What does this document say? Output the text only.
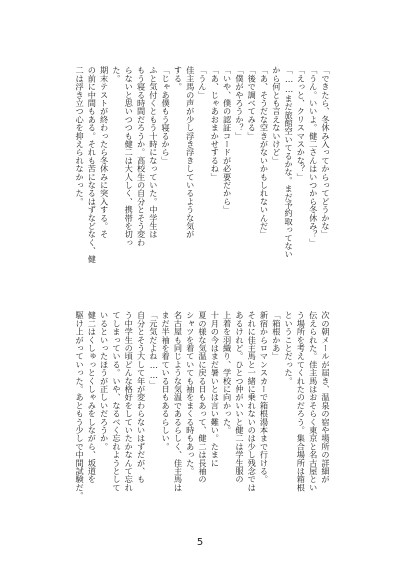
「できたら、冬休み入ってからってどうかな」
「うん。いいよ。健二さんはいつから冬休み？」
「えっと、クリスマスかな？」
「……まだ旅館空いてるかな。まだ予約取ってない
から何とも言えないけど」
「あ、そうだな空きがないかもしれないんだ」
「後で調べてみる」
「僕がやろうか？」
「いや、僕の認証コードが必要だから」
「あ、じゃあおまかせするね」
「うん」
佳主馬の声が少し浮き浮きしているような気が
する。
「じゃあ僕もう寝るから」
ふと気付くともう十時になっていた。中学生は
もう寝る時間だろうか。高校生の自分とそう変わ
らないと思いつつも健二は大人しく、携帯を切っ
た。
期末テストが終わったら冬休みに突入する。そ
の前に中間もある。それも苦になるはずなどなく、健
二は浮き立つ心を抑えられなかった。
次の朝メールが届き、温泉の宿や場所の詳細が
伝えられた。佳主馬はおそらく東京と名古屋とい
う場所を考えてくれたのだろう。集合場所は箱根
ということだった。
「箱根かあ」
新宿からロマンスカーで箱根湯本まで行ける。
それに佳主馬と一緒に乗れないのは少し残念では
あるけれど。ひとつ仲がいいと健二は学生服の
上着を羽織り、学校に向かった。
十月の今はまだ暑いとは言い難い。たまに
夏の様な気温に戻る日もあって、健二は長袖の
シャツを着ていても袖をまくる時もあった。
名古屋も同じような気温であるらしく、佳主馬は
まだ半袖を着ている日もあるらしい。
「元気だよね……」
自分とそう大して年が変わらないはずだが、も
う中学生の頃どんな格好をしていたかなんて忘れ
てしまっている。いや、なるべく忘れようとして
いるといったほうが正しいだろうか。
健二はくしゅっとくしゃみをしながら、坂道を
駆け上がっていった。あともう少しで中間試験だ。
5
